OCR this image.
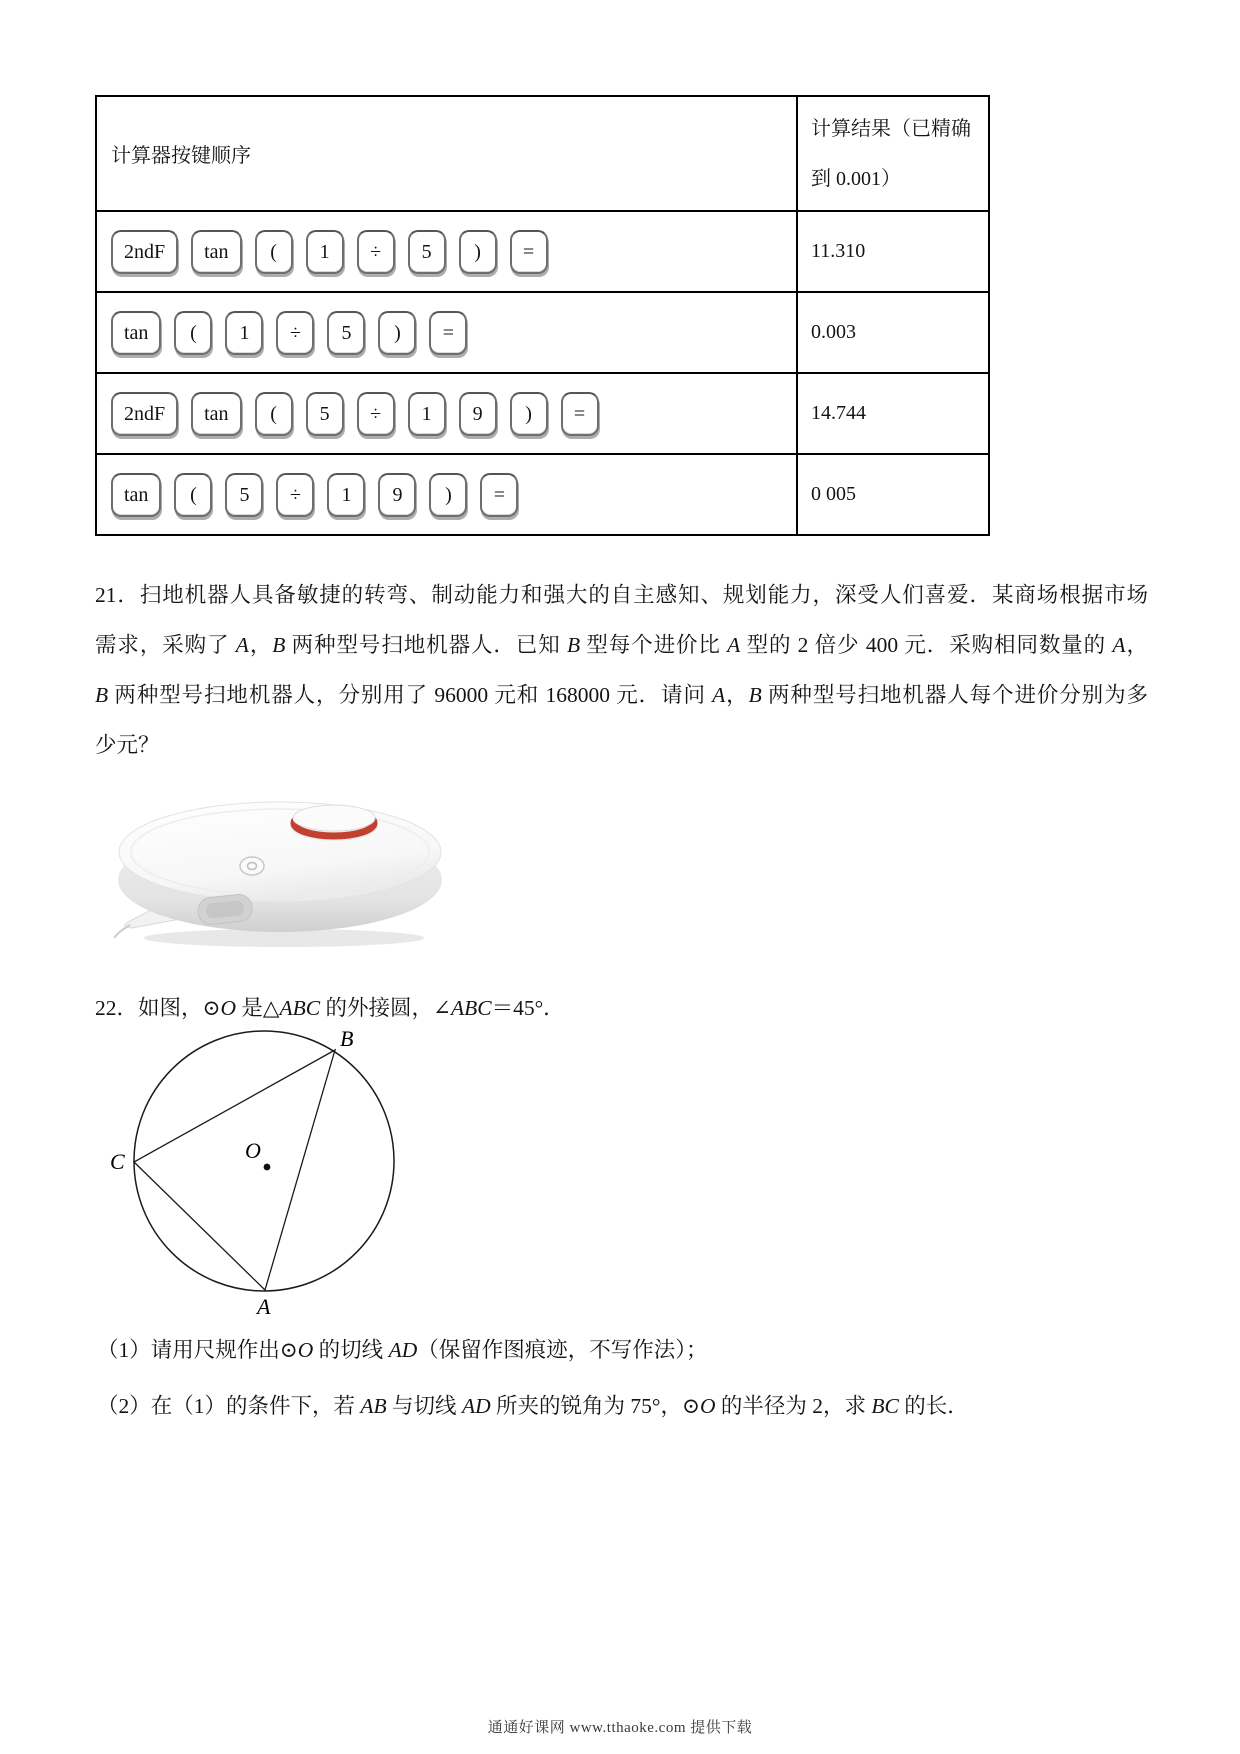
计算器按键顺序
计算结果（已精确 到 0.001）
2ndF	tan	(	1	÷	5	)	=	11.310
tan	(	1	÷	5	)	=	0.003
2ndF	tan	(	5	÷	1	9	)	=	14.744
tan	(	5	÷	1	9	)	=	0 005
21．扫地机器人具备敏捷的转弯、制动能力和强大的自主感知、规划能力，深受人们喜爱．某商场根据市场
需求，采购了 A，B 两种型号扫地机器人．已知 B 型每个进价比 A 型的 2 倍少 400 元．采购相同数量的 A，
B 两种型号扫地机器人，分别用了 96000 元和 168000 元．请问 A，B 两种型号扫地机器人每个进价分别为多
少元？
22．如图，⊙O 是△ABC 的外接圆，∠ABC＝45°．
B
C
A
O
（1）请用尺规作出⊙O 的切线 AD（保留作图痕迹，不写作法）；
（2）在（1）的条件下，若 AB 与切线 AD 所夹的锐角为 75°，⊙O 的半径为 2，求 BC 的长．
通通好课网 www.tthaoke.com 提供下载
